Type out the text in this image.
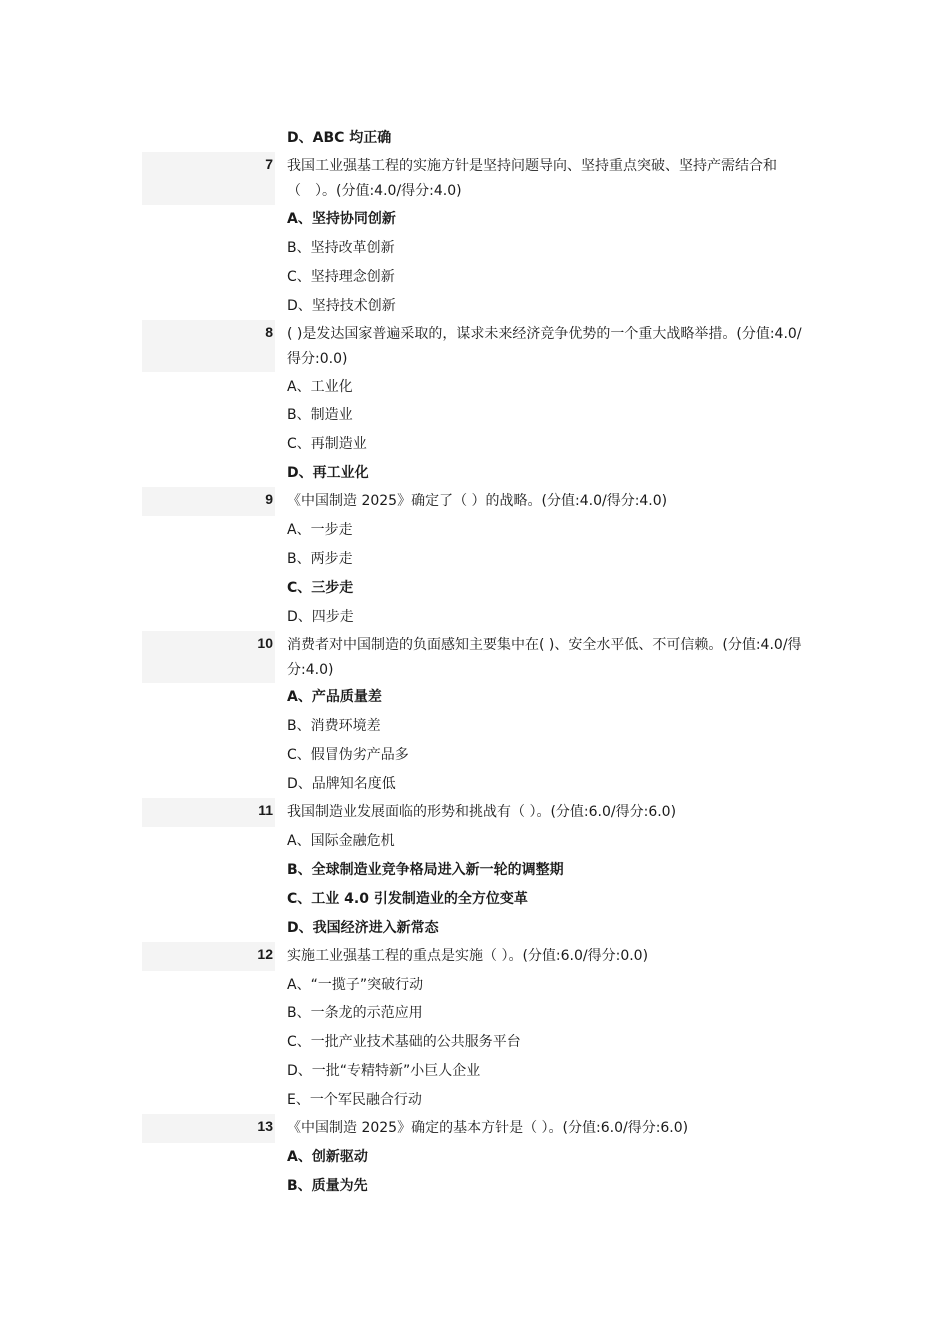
D、ABC 均正确
7 我国工业强基工程的实施方针是坚持问题导向、坚持重点突破、坚持产需结合和（　）。(分值:4.0/得分:4.0)
A、坚持协同创新
B、坚持改革创新
C、坚持理念创新
D、坚持技术创新
8 ( )是发达国家普遍采取的，谋求未来经济竞争优势的一个重大战略举措。(分值:4.0/得分:0.0)
A、工业化
B、制造业
C、再制造业
D、再工业化
9 《中国制造 2025》确定了（ ）的战略。(分值:4.0/得分:4.0)
A、一步走
B、两步走
C、三步走
D、四步走
10 消费者对中国制造的负面感知主要集中在( )、安全水平低、不可信赖。(分值:4.0/得分:4.0)
A、产品质量差
B、消费环境差
C、假冒伪劣产品多
D、品牌知名度低
11 我国制造业发展面临的形势和挑战有（ ）。(分值:6.0/得分:6.0)
A、国际金融危机
B、全球制造业竞争格局进入新一轮的调整期
C、工业 4.0 引发制造业的全方位变革
D、我国经济进入新常态
12 实施工业强基工程的重点是实施（ ）。(分值:6.0/得分:0.0)
A、“一揽子”突破行动
B、一条龙的示范应用
C、一批产业技术基础的公共服务平台
D、一批“专精特新”小巨人企业
E、一个军民融合行动
13 《中国制造 2025》确定的基本方针是（ ）。(分值:6.0/得分:6.0)
A、创新驱动
B、质量为先
